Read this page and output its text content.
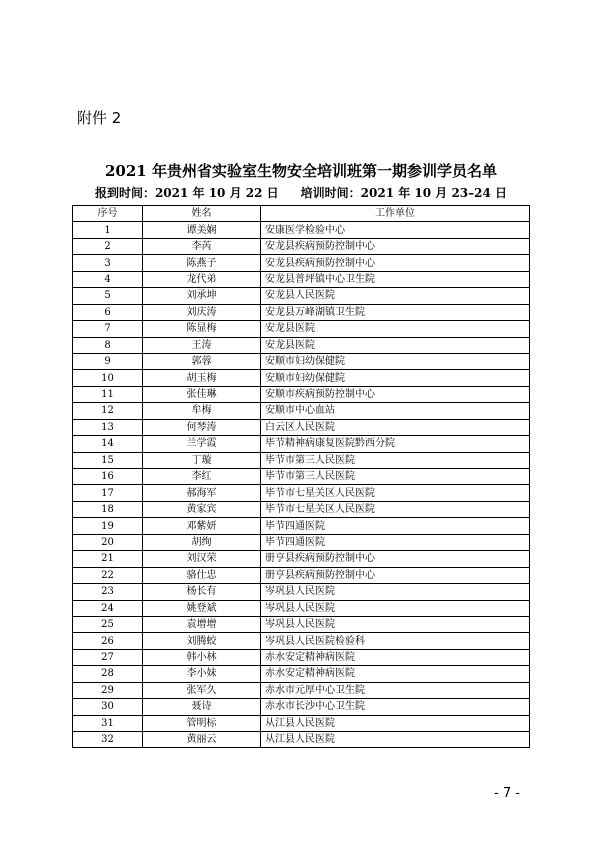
附件 2
2021 年贵州省实验室生物安全培训班第一期参训学员名单
报到时间：2021 年 10 月 22 日 培训时间：2021 年 10 月 23–24 日
序号	姓名	工作单位
1	谭美娴	安康医学检验中心
2	李芮	安龙县疾病预防控制中心
3	陈燕子	安龙县疾病预防控制中心
4	龙代弟	安龙县普坪镇中心卫生院
5	刘承坤	安龙县人民医院
6	刘庆涛	安龙县万峰湖镇卫生院
7	陈显梅	安龙县医院
8	王涛	安龙县医院
9	郭蓉	安顺市妇幼保健院
10	胡玉梅	安顺市妇幼保健院
11	张佳琳	安顺市疾病预防控制中心
12	牟梅	安顺市中心血站
13	何琴涛	白云区人民医院
14	兰学霞	毕节精神病康复医院黔西分院
15	丁璇	毕节市第三人民医院
16	李红	毕节市第三人民医院
17	郝海军	毕节市七星关区人民医院
18	黄家宾	毕节市七星关区人民医院
19	邓紫妍	毕节四通医院
20	胡绚	毕节四通医院
21	刘汉荣	册亨县疾病预防控制中心
22	骆仕忠	册亨县疾病预防控制中心
23	杨长有	岑巩县人民医院
24	姚登斌	岑巩县人民医院
25	袁增增	岑巩县人民医院
26	刘腾蛟	岑巩县人民医院检验科
27	韩小林	赤水安定精神病医院
28	李小妹	赤水安定精神病医院
29	张军久	赤水市元厚中心卫生院
30	聂诗	赤水市长沙中心卫生院
31	管明标	从江县人民医院
32	黄丽云	从江县人民医院
- 7 -
